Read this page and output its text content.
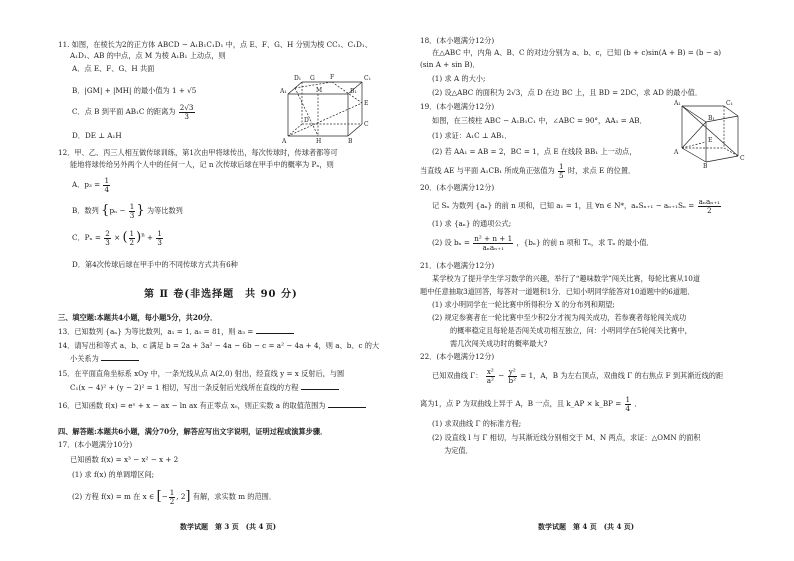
11. 如图，在棱长为2的正方体 ABCD − A₁B₁C₁D₁ 中，点 E、F、G、H 分别为棱 CC₁、C₁D₁、
A₁D₁、AB 的中点，点 M 为棱 A₁B₁ 上动点，则
A．点 E、F、G、H 共面
B．|GM| + |MH| 的最小值为 1 + √5
C．点 B 到平面 AB₁C 的距离为 $\frac{2√3}{3}$
D．DE ⊥ A₁H
D₁ G	F	C₁
A₁	M	B₁
E
D
C
A	H	B
12．甲、乙、丙三人相互做传球训练，第1次由甲将球传出，每次传球时，传球者都等可
能地将球传给另外两个人中的任何一人，记 n 次传球后球在甲手中的概率为 Pₙ，则
A．$p_3 = \frac{1}{4}$
B．数列 {$p_n - \frac{1}{3}$ } 为等比数列
C．$P_n = \frac{2}{3}$ × ( $\frac{1}{2} )^n + \frac{1}{3}$
D．第4次传球后球在甲手中的不同传球方式共有6种
第 Ⅱ 卷(非选择题　共 90 分)
三、填空题:本题共4小题，每小题5分，共20分．
13．已知数列 {aₙ} 为等比数列，a₁ = 1, a₅ = 81，则 a₃ =
14．请写出和等式 a、b、c 满足 b = 2a + 3a² − 4a − 6b − c = a² − 4a + 4，则 a、b、c 的大
小关系为
15．在平面直角坐标系 xOy 中，一条光线从点 A(2,0) 射出，经直线 y = x 反射后，与圆
C₁(x − 4)² + (y − 2)² = 1 相切，写出一条反射后光线所在直线的方程
16．已知函数 f(x) = eˣ + x − ax − ln ax 有正零点 x₀，则正实数 a 的取值范围为
四、解答题:本题共6小题，满分70分，解答应写出文字说明，证明过程或演算步骤．
17．(本小题满分10分)
已知函数 f(x) = x³ − x² − x + 2
(1) 求 f(x) 的单调增区间;
(2) 方程 f(x) = m 在 x ∈ [− $\frac{1}{2}$ , 2] 有解，求实数 m 的范围．
数学试题　第 3 页　(共 4 页)
18．(本小题满分12分)
在△ABC 中，内角 A、B、C 的对边分别为 a、b、c，已知 (b + c)sin(A + B) = (b − a)
(sin A + sin B)．
(1) 求 A 的大小;
(2) 设△ABC 的面积为 2√3，点 D 在边 BC 上，且 BD = 2DC，求 AD 的最小值．
19．(本小题满分12分)
如图，在三棱柱 ABC − A₁B₁C₁ 中，∠ABC = 90°，AA₁ = AB．
(1) 求证：A₁C ⊥ AB₁．
(2) 若 AA₁ = AB = 2，BC = 1，点 E 在线段 BB₁ 上一动点，
当直线 AE 与平面 A₁CB₁ 所成角正弦值为 $\frac{1}{5}$ 时，求点 E 的位置．
A₁	C₁
B₁
E
A
C
B
20．(本小题满分12分)
记 Sₙ 为数列 {aₙ} 的前 n 项和，已知 a₁ = 1，且 ∀n ∈ N*，$a_nS_{n+1} - a_{n+1}S_n = \frac{\text{aₙaₙ₊₁}}{2}$
(1) 求 {aₙ} 的通项公式;
(2) 设 $b_n = \frac{\text{n² + n + 1}}{\text{aₙaₙ₊₁}}$ ，{bₙ} 的前 n 项和 Tₙ，求 Tₙ 的最小值．
21．(本小题满分12分)
某学校为了提升学生学习数学的兴趣，举行了“趣味数学”闯关比赛，每轮比赛从10道
题中任意抽取3道回答，每答对一道题积1分．已知小明同学能答对10道题中的6道题．
(1) 求小明同学在一轮比赛中所得积分 X 的分布列和期望;
(2) 规定参赛者在一轮比赛中至少积2分才视为闯关成功，若参赛者每轮闯关成功
的概率稳定且每轮是否闯关成功相互独立，问：小明同学在5轮闯关比赛中，
需几次闯关成功时的概率最大?
22．(本小题满分12分)
已知双曲线 Γ： $\frac{\text{x²}}{\text{a²}} - \frac{\text{y²}}{\text{b²}} = 1$，A，B 为左右顶点，双曲线 Γ 的右焦点 F 到其渐近线的距
离为1，点 P 为双曲线上异于 A，B 一点，且 k_AP × k_BP = $\frac{1}{4}$ ．
(1) 求双曲线 Γ 的标准方程;
(2) 设直线 l 与 Γ 相切，与其渐近线分别相交于 M、N 两点，求证：△OMN 的面积
为定值．
数学试题　第 4 页　(共 4 页)
